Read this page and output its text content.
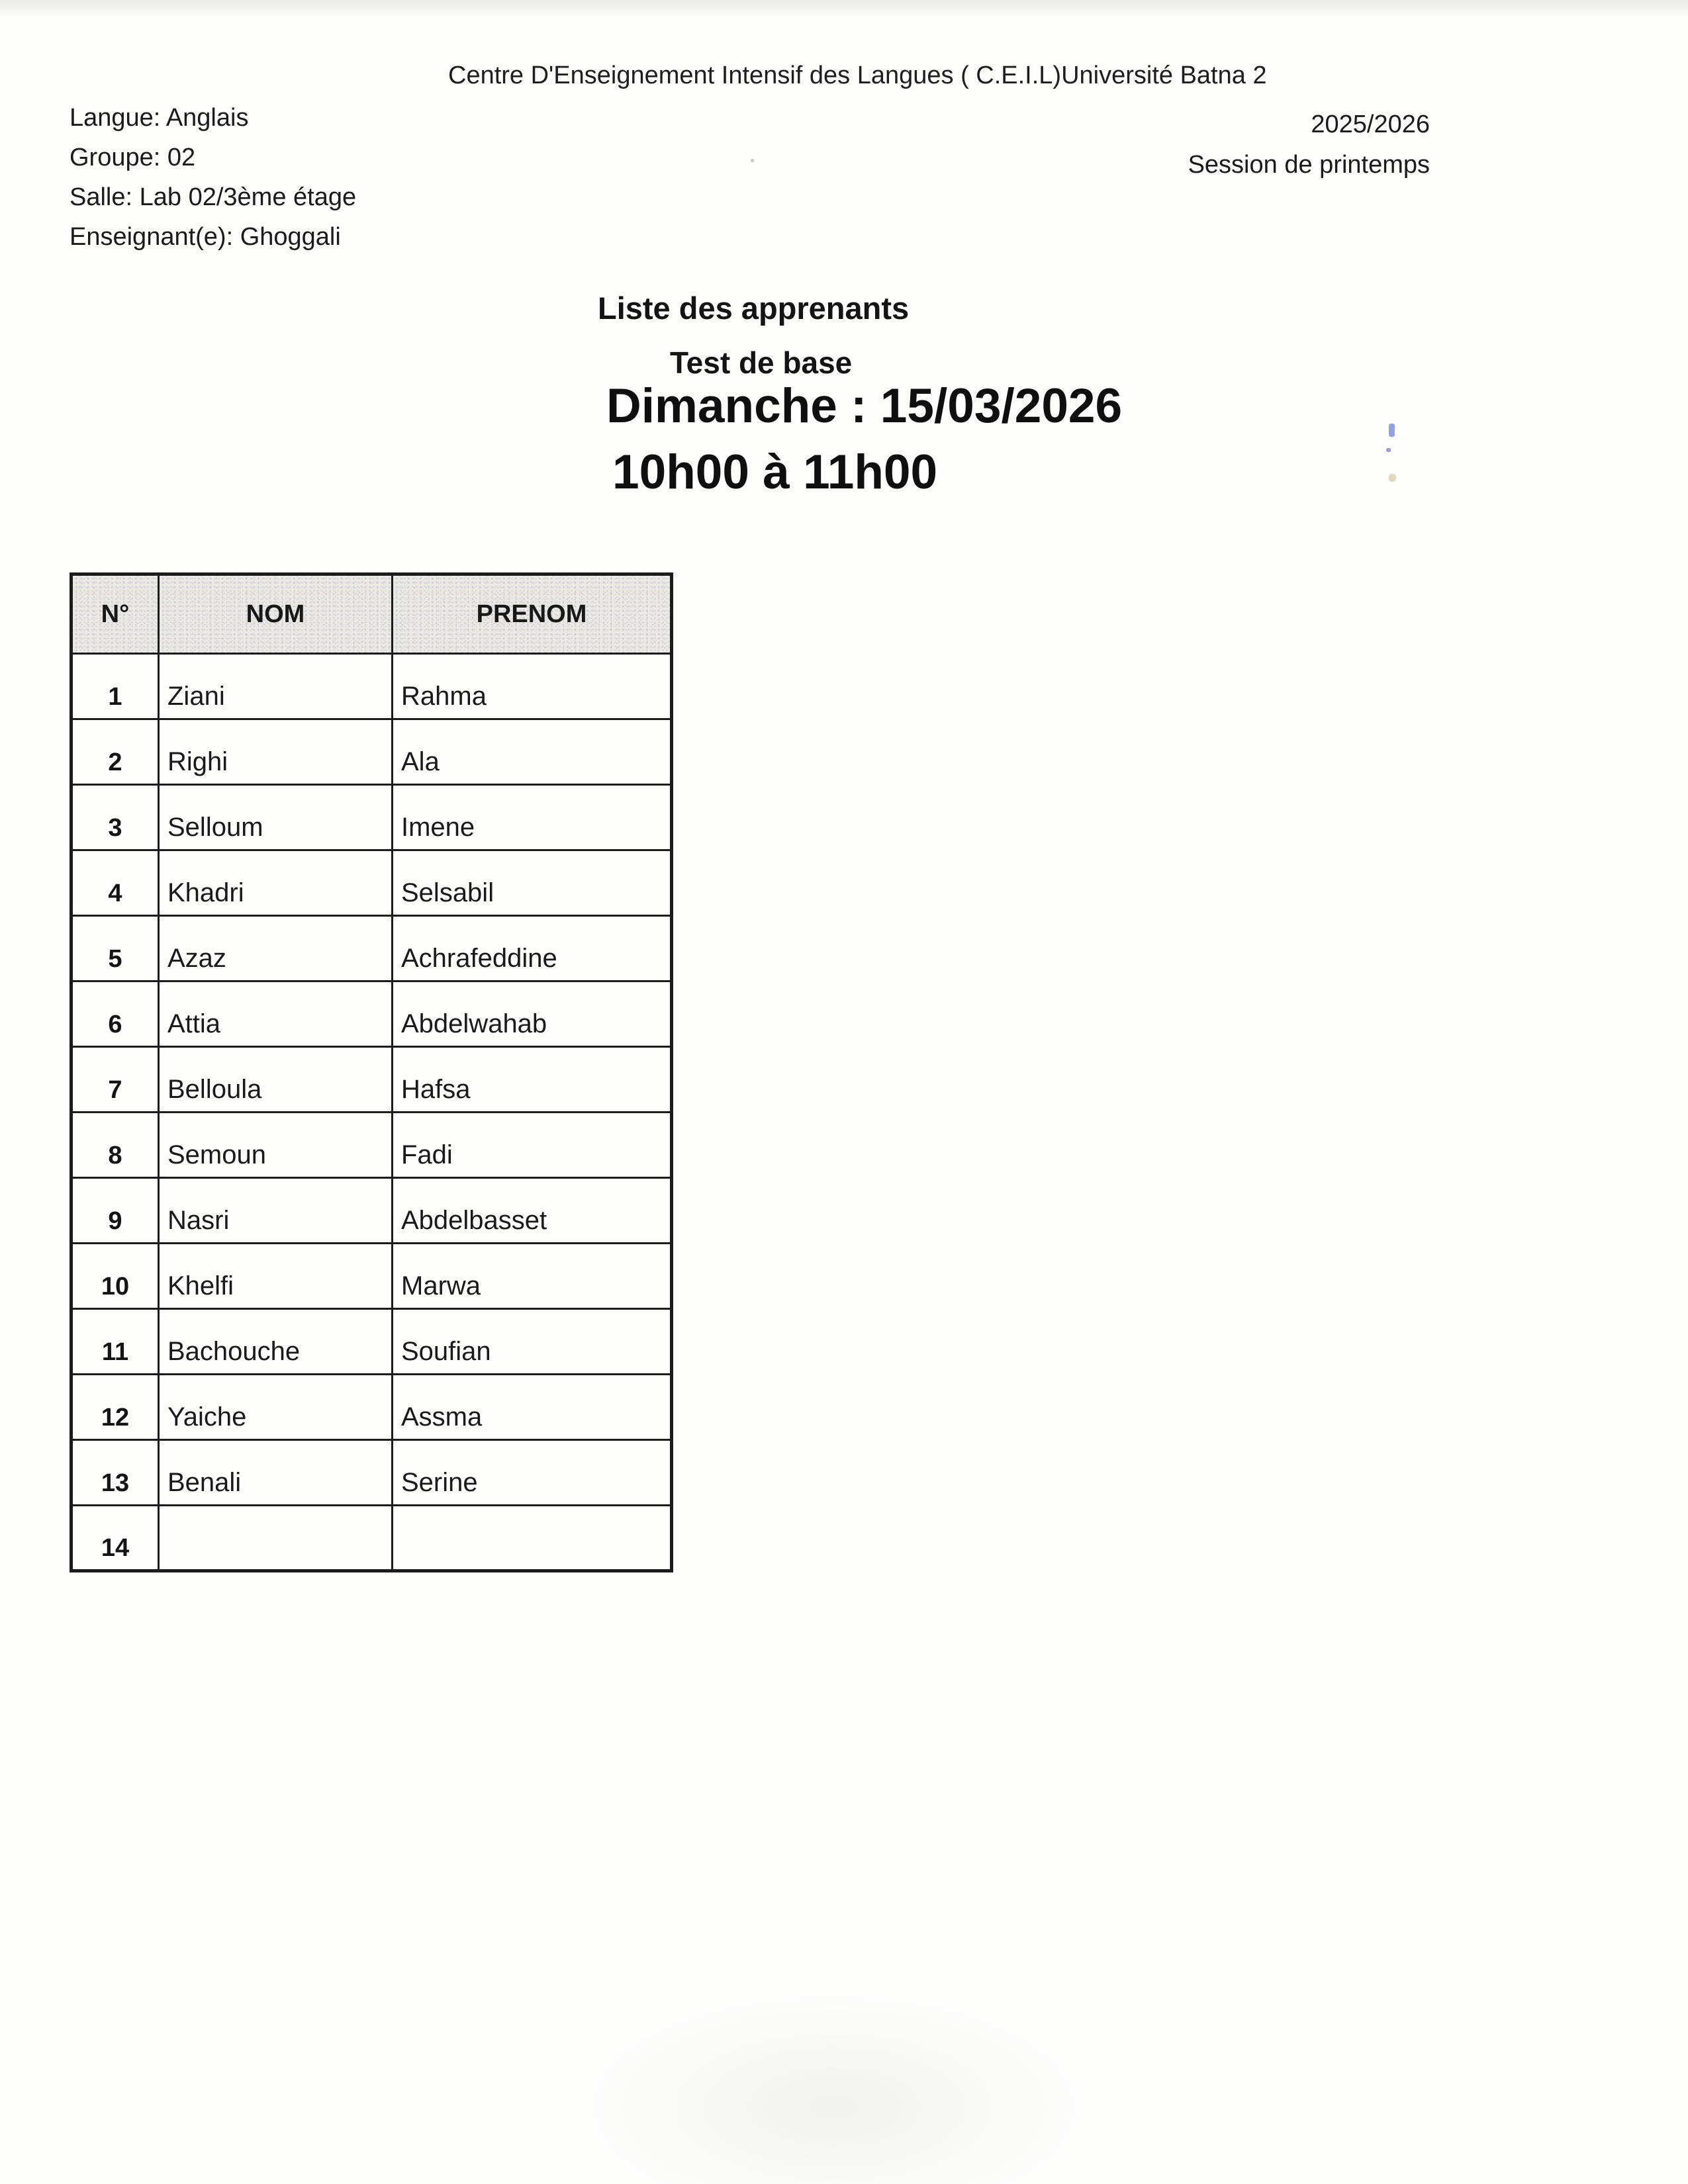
Centre D'Enseignement Intensif des Langues ( C.E.I.L)Université Batna 2
Langue: Anglais
Groupe: 02
Salle: Lab 02/3ème étage
Enseignant(e): Ghoggali
2025/2026
Session de printemps
Liste des apprenants
Test de base
Dimanche : 15/03/2026
10h00 à 11h00
N°	NOM	PRENOM
1	Ziani	Rahma
2	Righi	Ala
3	Selloum	Imene
4	Khadri	Selsabil
5	Azaz	Achrafeddine
6	Attia	Abdelwahab
7	Belloula	Hafsa
8	Semoun	Fadi
9	Nasri	Abdelbasset
10	Khelfi	Marwa
11	Bachouche	Soufian
12	Yaiche	Assma
13	Benali	Serine
14		
